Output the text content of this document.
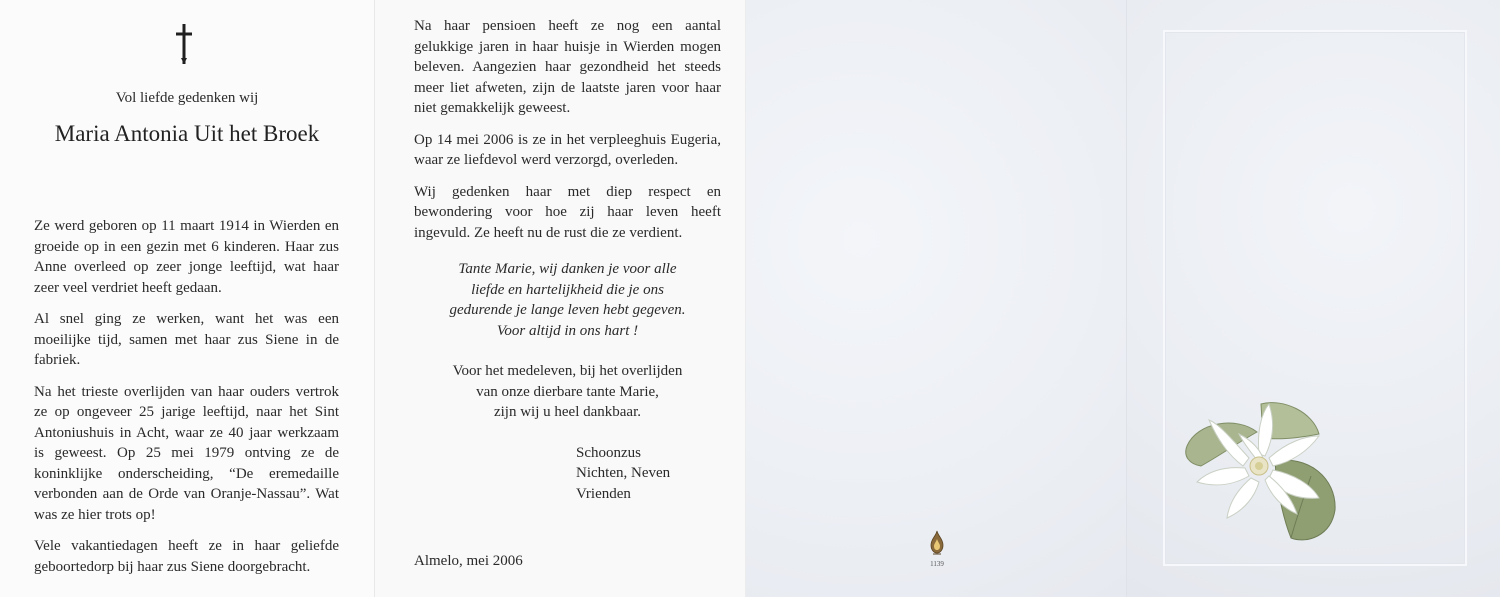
Vol liefde gedenken wij

Maria Antonia Uit het Broek

Ze werd geboren op 11 maart 1914 in Wierden en groeide op in een gezin met 6 kinderen. Haar zus Anne overleed op zeer jonge leeftijd, wat haar zeer veel verdriet heeft gedaan.

Al snel ging ze werken, want het was een moeilijke tijd, samen met haar zus Siene in de fabriek.

Na het trieste overlijden van haar ouders vertrok ze op ongeveer 25 jarige leeftijd, naar het Sint Antoniushuis in Acht, waar ze 40 jaar werkzaam is geweest. Op 25 mei 1979 ontving ze de koninklijke onderscheiding, “De eremedaille verbonden aan de Orde van Oranje-Nassau”. Wat was ze hier trots op!

Vele vakantiedagen heeft ze in haar geliefde geboortedorp bij haar zus Siene doorgebracht.

Na haar pensioen heeft ze nog een aantal gelukkige jaren in haar huisje in Wierden mogen beleven. Aangezien haar gezondheid het steeds meer liet afweten, zijn de laatste jaren voor haar niet gemakkelijk geweest.

Op 14 mei 2006 is ze in het verpleeghuis Eugeria, waar ze liefdevol werd verzorgd, overleden.

Wij gedenken haar met diep respect en bewondering voor hoe zij haar leven heeft ingevuld. Ze heeft nu de rust die ze verdient.

Tante Marie, wij danken je voor alle
liefde en hartelijkheid die je ons
gedurende je lange leven hebt gegeven.
Voor altijd in ons hart !
Voor het medeleven, bij het overlijden
van onze dierbare tante Marie,
zijn wij u heel dankbaar.
Schoonzus
Nichten, Neven
Vrienden
Almelo, mei 2006	1139
